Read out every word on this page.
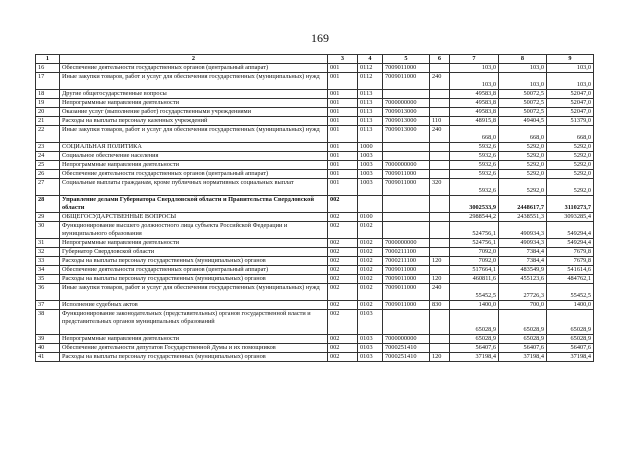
169
1	2	3	4	5	6	7	8	9
16	Обеспечение деятельности государственных органов (центральный аппарат)	001	0112	7009011000		103,0	103,0	103,0
17	Иные закупки товаров, работ и услуг для обеспечения государственных (муниципальных) нужд	001	0112	7009011000	240	103,0	103,0	103,0
18	Другие общегосударственные вопросы	001	0113			49583,8	50072,5	52047,0
19	Непрограммные направления деятельности	001	0113	7000000000		49583,8	50072,5	52047,0
20	Оказание услуг (выполнение работ) государственными учреждениями	001	0113	7009013000		49583,8	50072,5	52047,0
21	Расходы на выплаты персоналу казенных учреждений	001	0113	7009013000	110	48915,8	49404,5	51379,0
22	Иные закупки товаров, работ и услуг для обеспечения государственных (муниципальных) нужд	001	0113	7009013000	240	668,0	668,0	668,0
23	СОЦИАЛЬНАЯ ПОЛИТИКА	001	1000			5932,6	5292,0	5292,0
24	Социальное обеспечение населения	001	1003			5932,6	5292,0	5292,0
25	Непрограммные направления деятельности	001	1003	7000000000		5932,6	5292,0	5292,0
26	Обеспечение деятельности государственных органов (центральный аппарат)	001	1003	7009011000		5932,6	5292,0	5292,0
27	Социальные выплаты гражданам, кроме публичных нормативных социальных выплат	001	1003	7009011000	320	5932,6	5292,0	5292,0
28	Управление делами Губернатора Свердловской области и Правительства Свердловской области	002				3002533,9	2448617,7	3110273,7
29	ОБЩЕГОСУДАРСТВЕННЫЕ ВОПРОСЫ	002	0100			2988544,2	2438551,3	3093285,4
30	Функционирование высшего должностного лица субъекта Российской Федерации и муниципального образования	002	0102			524756,1	490934,3	549294,4
31	Непрограммные направления деятельности	002	0102	7000000000		524756,1	490934,3	549294,4
32	Губернатор Свердловской области	002	0102	7000211100		7092,0	7384,4	7679,8
33	Расходы на выплаты персоналу государственных (муниципальных) органов	002	0102	7000211100	120	7092,0	7384,4	7679,8
34	Обеспечение деятельности государственных органов (центральный аппарат)	002	0102	7009011000		517664,1	483549,9	541614,6
35	Расходы на выплаты персоналу государственных (муниципальных) органов	002	0102	7009011000	120	460811,6	455123,6	484762,1
36	Иные закупки товаров, работ и услуг для обеспечения государственных (муниципальных) нужд	002	0102	7009011000	240	55452,5	27726,3	55452,5
37	Исполнение судебных актов	002	0102	7009011000	830	1400,0	700,0	1400,0
38	Функционирование законодательных (представительных) органов государственной власти и представительных органов муниципальных образований	002	0103			65028,9	65028,9	65028,9
39	Непрограммные направления деятельности	002	0103	7000000000		65028,9	65028,9	65028,9
40	Обеспечение деятельности депутатов Государственной Думы и их помощников	002	0103	7000251410		56407,6	56407,6	56407,6
41	Расходы на выплаты персоналу государственных (муниципальных) органов	002	0103	7000251410	120	37198,4	37198,4	37198,4
